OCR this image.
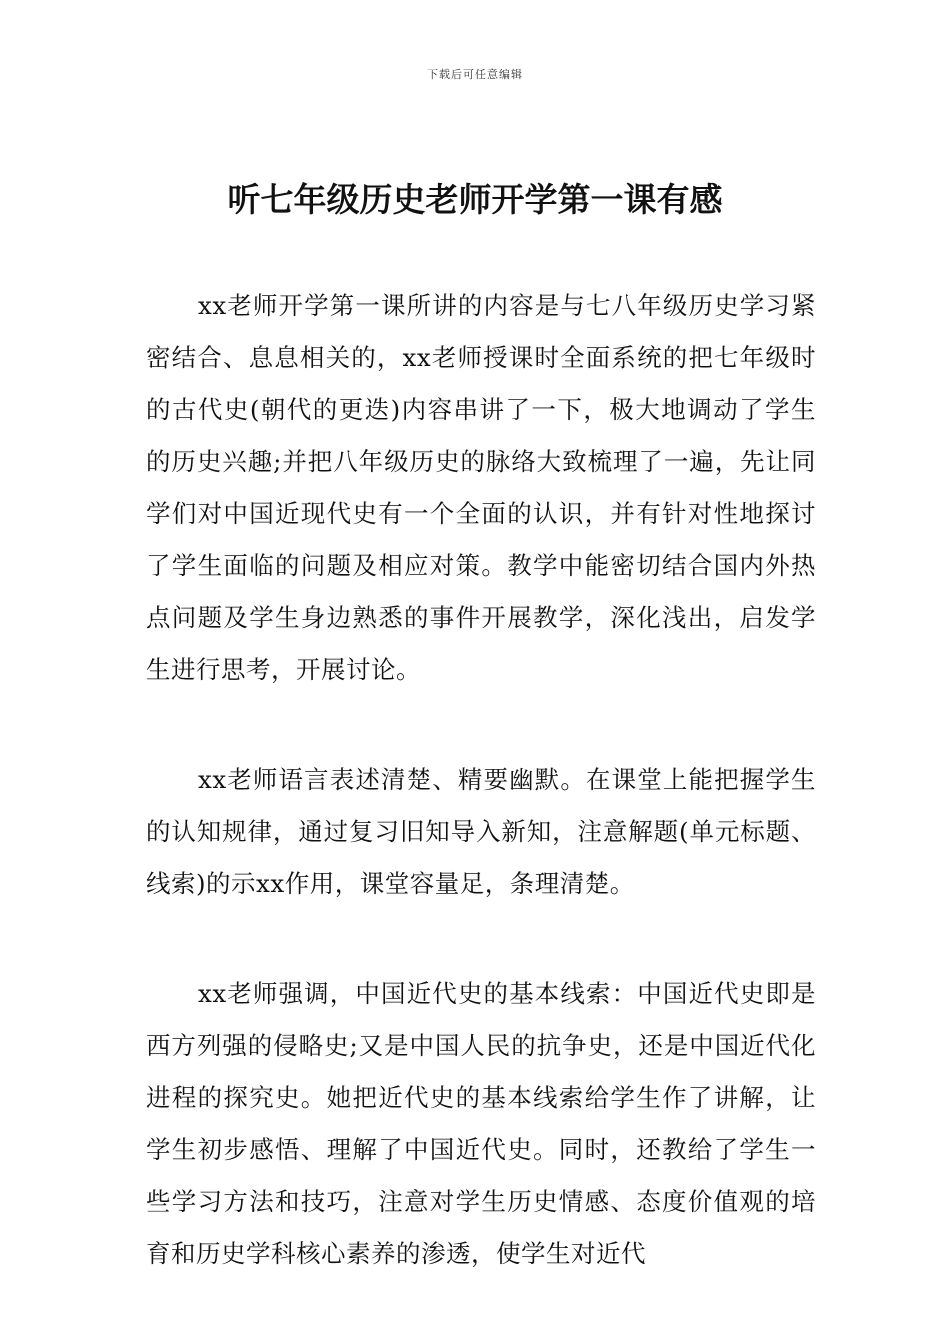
下载后可任意编辑
听七年级历史老师开学第一课有感

xx老师开学第一课所讲的内容是与七八年级历史学习紧密结合、息息相关的，xx老师授课时全面系统的把七年级时的古代史(朝代的更迭)内容串讲了一下，极大地调动了学生的历史兴趣;并把八年级历史的脉络大致梳理了一遍，先让同学们对中国近现代史有一个全面的认识，并有针对性地探讨了学生面临的问题及相应对策。教学中能密切结合国内外热点问题及学生身边熟悉的事件开展教学，深化浅出，启发学生进行思考，开展讨论。

xx老师语言表述清楚、精要幽默。在课堂上能把握学生的认知规律，通过复习旧知导入新知，注意解题(单元标题、线索)的示xx作用，课堂容量足，条理清楚。

xx老师强调，中国近代史的基本线索：中国近代史即是西方列强的侵略史;又是中国人民的抗争史，还是中国近代化进程的探究史。她把近代史的基本线索给学生作了讲解，让学生初步感悟、理解了中国近代史。同时，还教给了学生一些学习方法和技巧，注意对学生历史情感、态度价值观的培育和历史学科核心素养的渗透，使学生对近代
